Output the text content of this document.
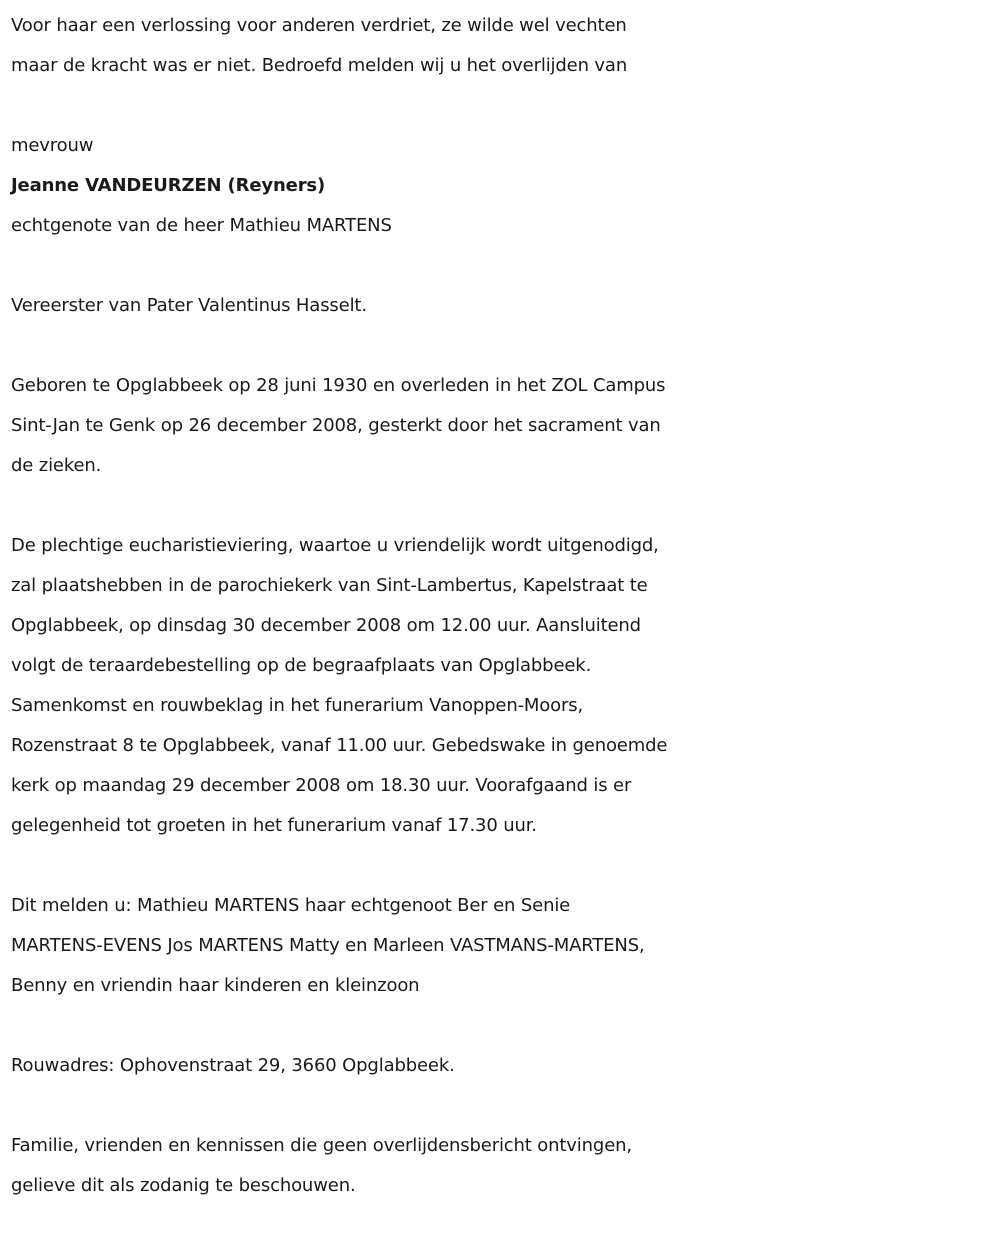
Voor haar een verlossing voor anderen verdriet, ze wilde wel vechten
maar de kracht was er niet. Bedroefd melden wij u het overlijden van
mevrouw
Jeanne VANDEURZEN (Reyners)
echtgenote van de heer Mathieu MARTENS
Vereerster van Pater Valentinus Hasselt.
Geboren te Opglabbeek op 28 juni 1930 en overleden in het ZOL Campus
Sint-Jan te Genk op 26 december 2008, gesterkt door het sacrament van
de zieken.
De plechtige eucharistieviering, waartoe u vriendelijk wordt uitgenodigd,
zal plaatshebben in de parochiekerk van Sint-Lambertus, Kapelstraat te
Opglabbeek, op dinsdag 30 december 2008 om 12.00 uur. Aansluitend
volgt de teraardebestelling op de begraafplaats van Opglabbeek.
Samenkomst en rouwbeklag in het funerarium Vanoppen-Moors,
Rozenstraat 8 te Opglabbeek, vanaf 11.00 uur. Gebedswake in genoemde
kerk op maandag 29 december 2008 om 18.30 uur. Voorafgaand is er
gelegenheid tot groeten in het funerarium vanaf 17.30 uur.
Dit melden u: Mathieu MARTENS haar echtgenoot Ber en Senie
MARTENS-EVENS Jos MARTENS Matty en Marleen VASTMANS-MARTENS,
Benny en vriendin haar kinderen en kleinzoon
Rouwadres: Ophovenstraat 29, 3660 Opglabbeek.
Familie, vrienden en kennissen die geen overlijdensbericht ontvingen,
gelieve dit als zodanig te beschouwen.
